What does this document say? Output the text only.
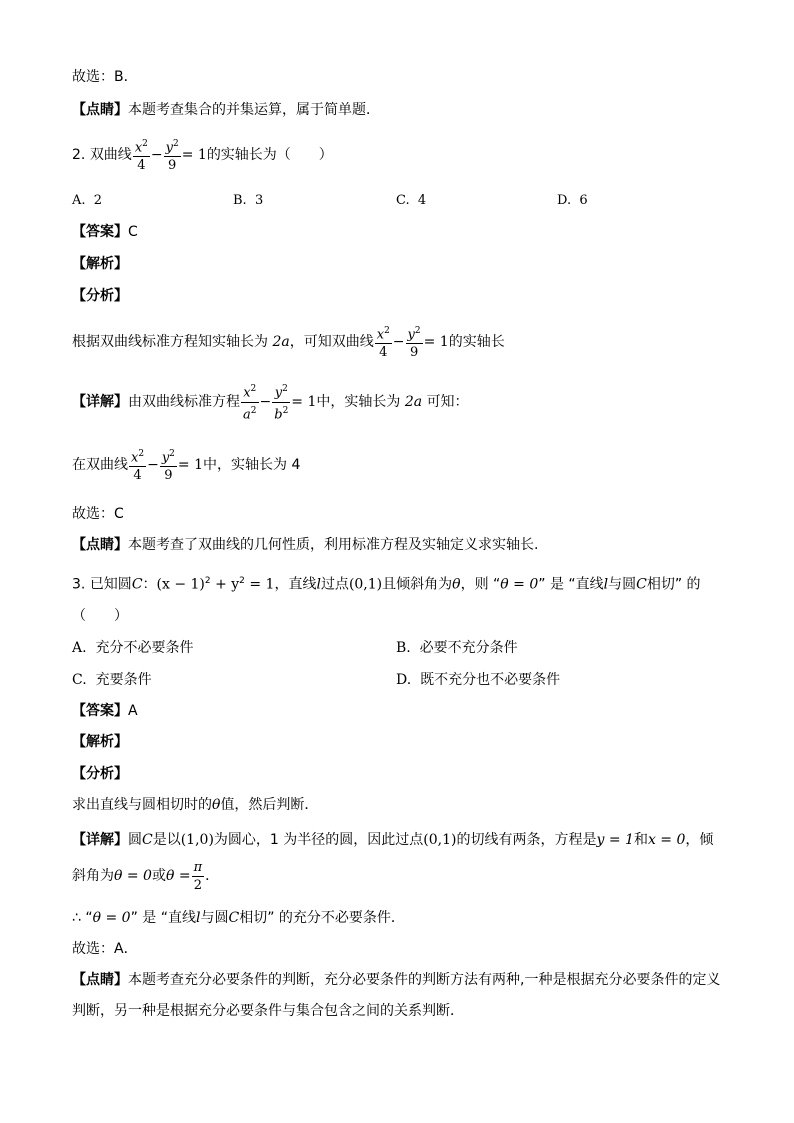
故选：B．
【点睛】本题考查集合的并集运算，属于简单题．
2.
双曲线 $\frac{x^2}{4} - \frac{y^2}{9} = 1$ 的实轴长为（　　）
A. 2	B. 3	C. 4	D. 6
【答案】C
【解析】
【分析】
根据双曲线标准方程知实轴长为
2a ，可知双曲线 $\frac{x^2}{4} - \frac{y^2}{9} = 1$ 的实轴长
【详解】 由双曲线标准方程 $\frac{x^2}{a^2} - \frac{y^2}{b^2} = 1$ 中，实轴长为
2a
可知：
在双曲线 $\frac{x^2}{4} - \frac{y^2}{9} = 1$ 中，实轴长为 4
故选：C
【点睛】本题考查了双曲线的几何性质，利用标准方程及实轴定义求实轴长.
3. 已知圆C：$(x - 1)^2 + y^2 = 1$，直线l过点(0,1)且倾斜角为θ，则 “θ = 0” 是 “直线l与圆C相切” 的
（　　）
A. 充分不必要条件	B. 必要不充分条件
C. 充要条件	D. 既不充分也不必要条件
【答案】A
【解析】
【分析】
求出直线与圆相切时的θ值，然后判断．
【详解】圆C是以(1,0)为圆心，1 为半径的圆，因此过点(0,1)的切线有两条，方程是y = 1和x = 0，倾
斜角为 θ = 0 或 $\theta = \frac{\pi}{2}$ ．
∴ “θ = 0” 是 “直线l与圆C相切” 的充分不必要条件．
故选：A．
【点睛】本题考查充分必要条件的判断，充分必要条件的判断方法有两种,一种是根据充分必要条件的定义
判断，另一种是根据充分必要条件与集合包含之间的关系判断．
